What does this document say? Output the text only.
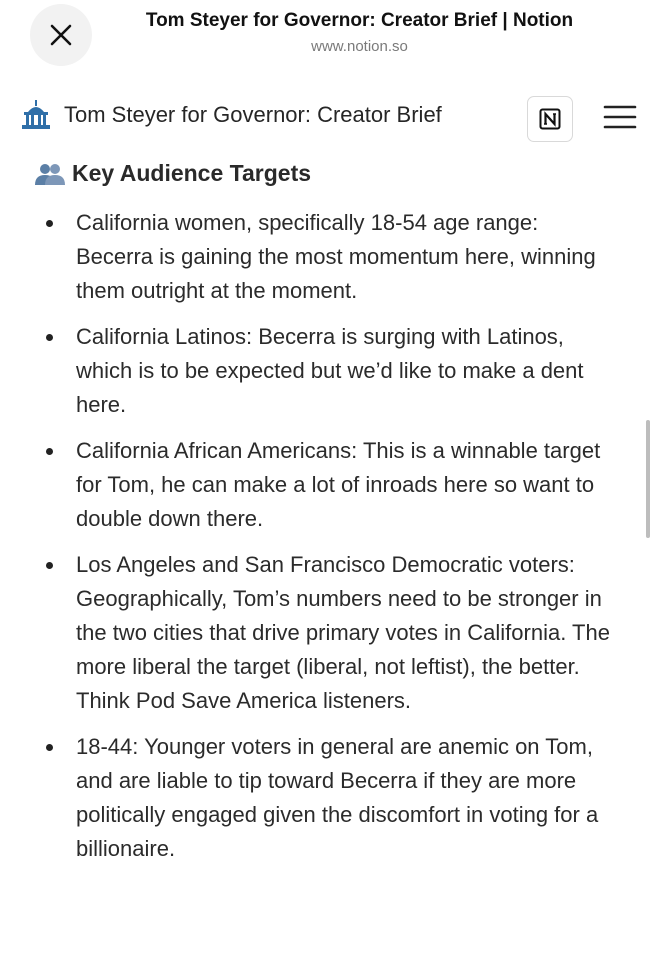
Tom Steyer for Governor: Creator Brief | Notion
www.notion.so
Tom Steyer for Governor: Creator Brief
Key Audience Targets
California women, specifically 18-54 age range: Becerra is gaining the most momentum here, winning them outright at the moment.
California Latinos: Becerra is surging with Latinos, which is to be expected but we’d like to make a dent here.
California African Americans: This is a winnable target for Tom, he can make a lot of inroads here so want to double down there.
Los Angeles and San Francisco Democratic voters: Geographically, Tom’s numbers need to be stronger in the two cities that drive primary votes in California. The more liberal the target (liberal, not leftist), the better. Think Pod Save America listeners.
18-44: Younger voters in general are anemic on Tom, and are liable to tip toward Becerra if they are more politically engaged given the discomfort in voting for a billionaire.
